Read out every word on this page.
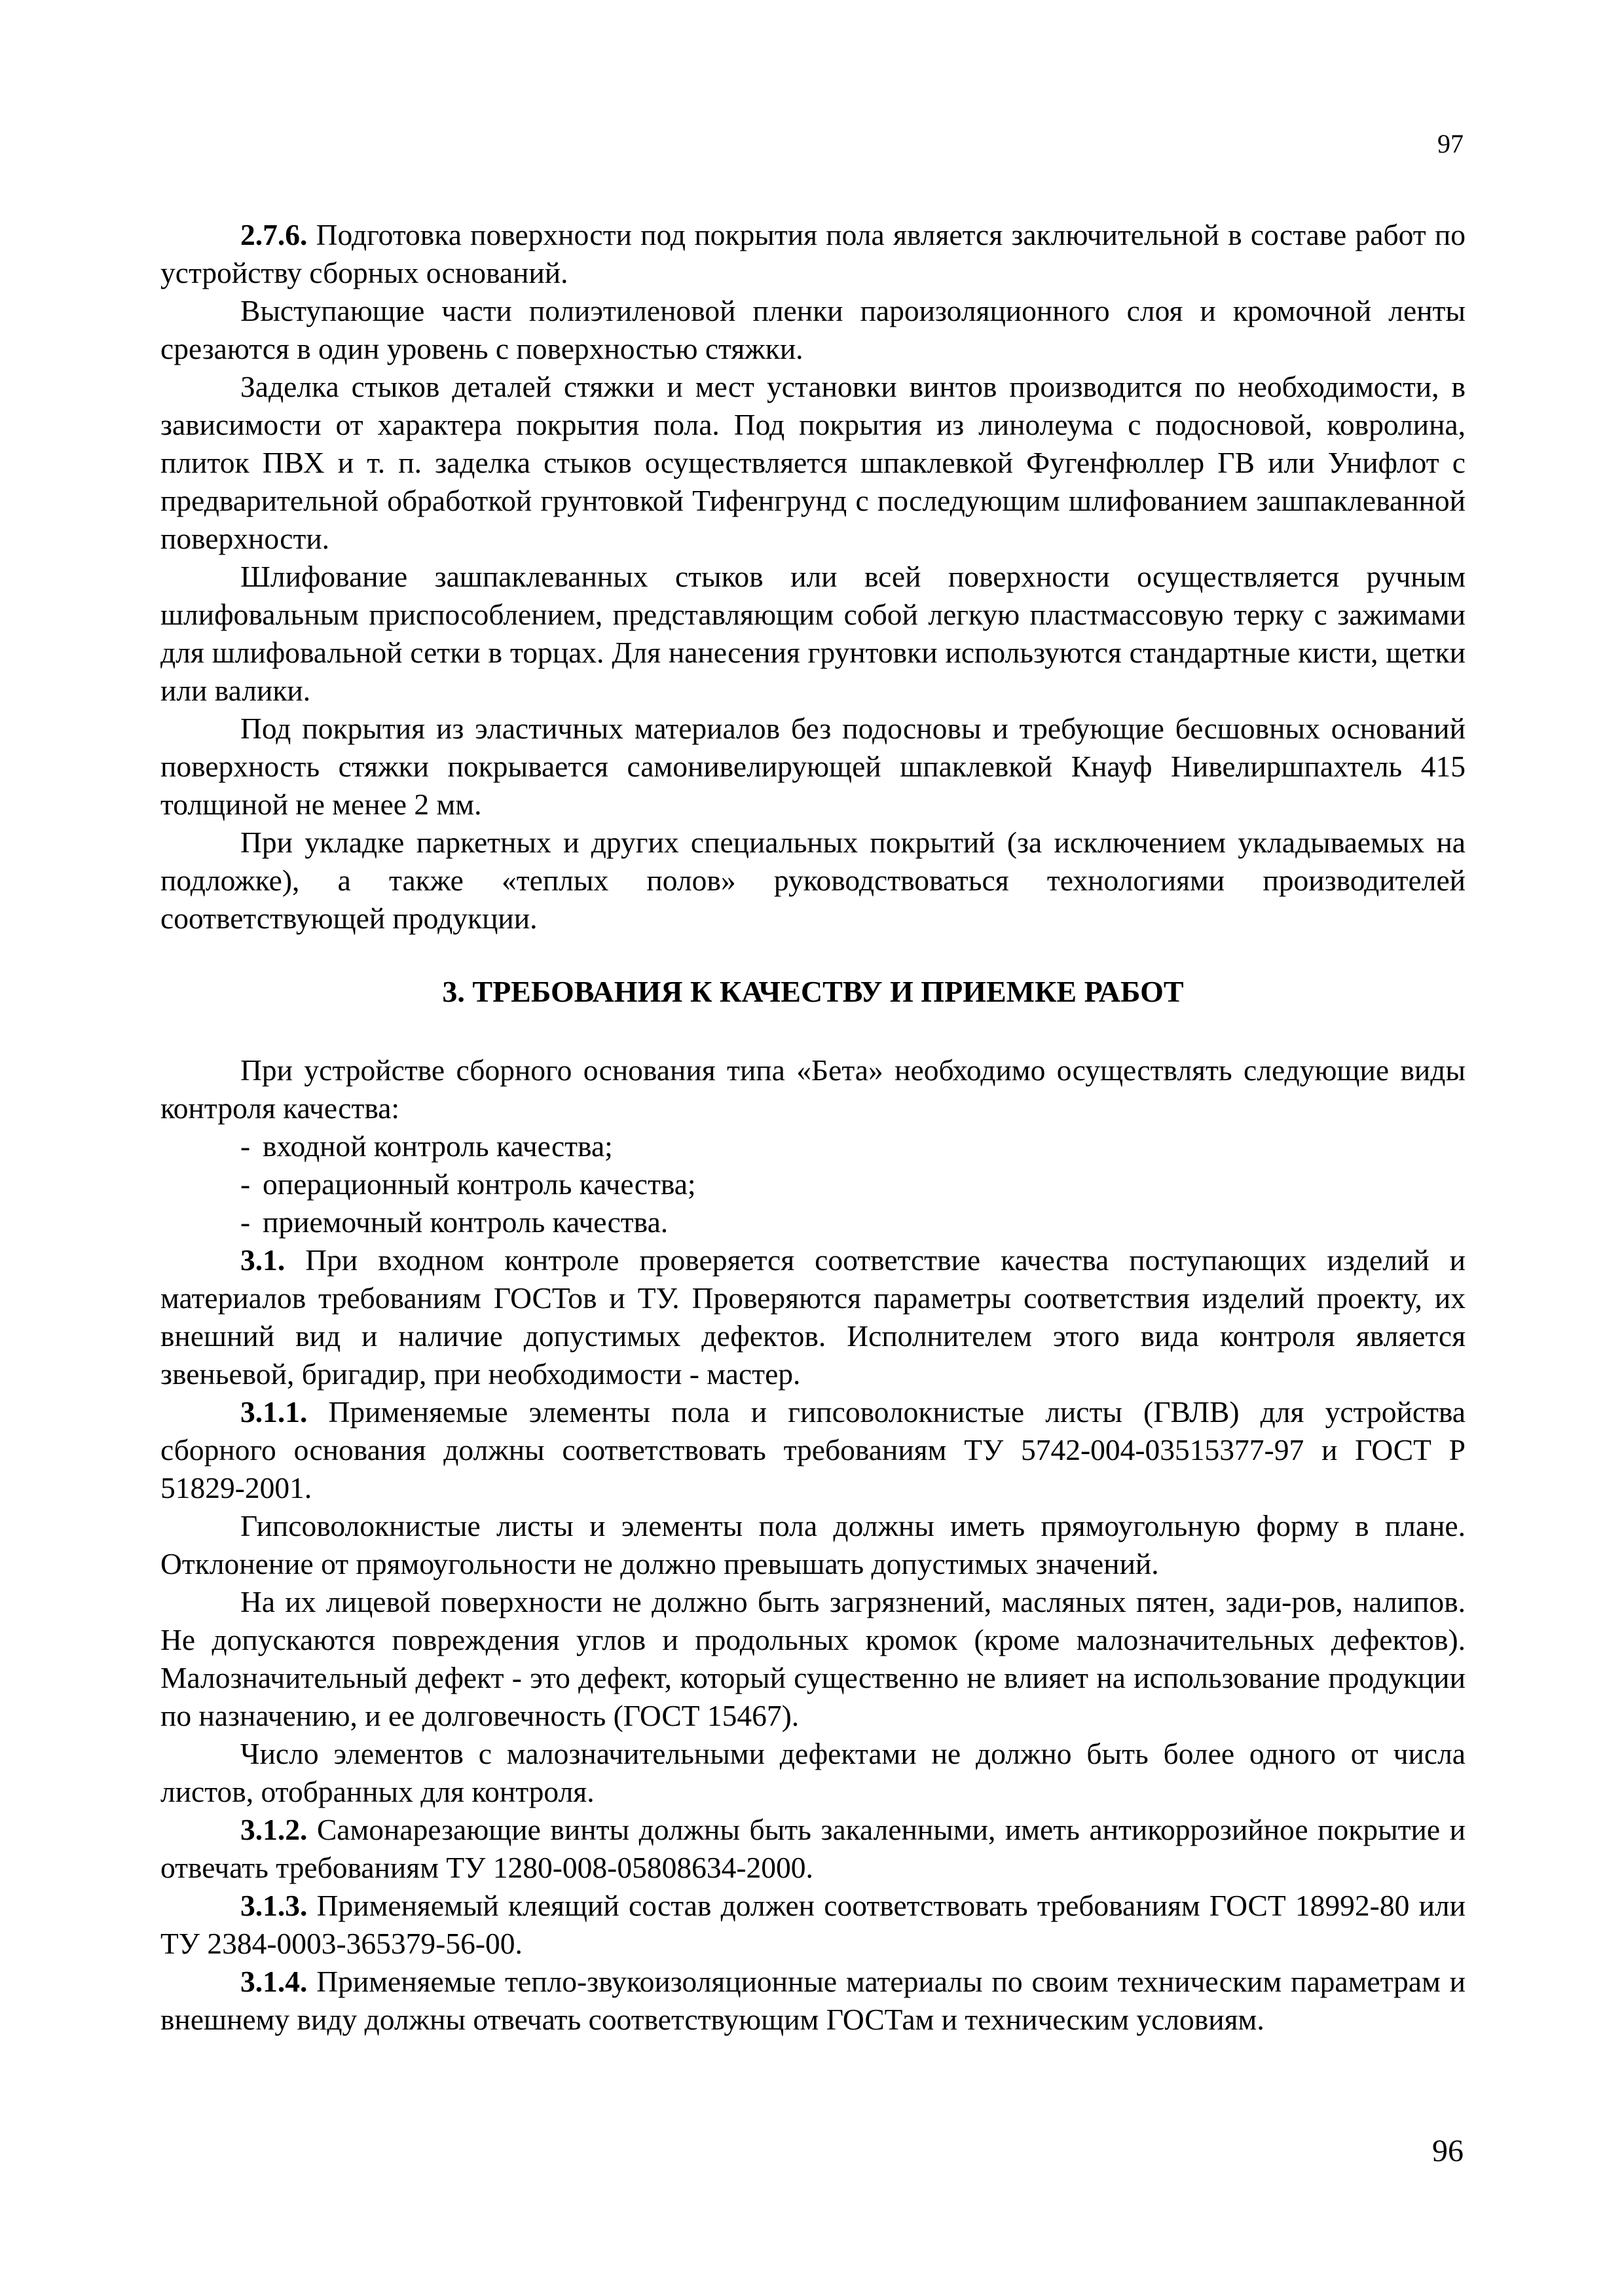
97

2.7.6. Подготовка поверхности под покрытия пола является заключительной в составе работ по устройству сборных оснований.

Выступающие части полиэтиленовой пленки пароизоляционного слоя и кромочной ленты срезаются в один уровень с поверхностью стяжки.

Заделка стыков деталей стяжки и мест установки винтов производится по необходимости, в зависимости от характера покрытия пола. Под покрытия из линолеума с подосновой, ковролина, плиток ПВХ и т. п. заделка стыков осуществляется шпаклевкой Фугенфюллер ГВ или Унифлот с предварительной обработкой грунтовкой Тифенгрунд с последующим шлифованием зашпаклеванной поверхности.

Шлифование зашпаклеванных стыков или всей поверхности осуществляется ручным шлифовальным приспособлением, представляющим собой легкую пластмассовую терку с зажимами для шлифовальной сетки в торцах. Для нанесения грунтовки используются стандартные кисти, щетки или валики.

Под покрытия из эластичных материалов без подосновы и требующие бесшовных оснований поверхность стяжки покрывается самонивелирующей шпаклевкой Кнауф Нивелиршпахтель 415 толщиной не менее 2 мм.

При укладке паркетных и других специальных покрытий (за исключением укладываемых на подложке), а также «теплых полов» руководствоваться технологиями производителей соответствующей продукции.

3. ТРЕБОВАНИЯ К КАЧЕСТВУ И ПРИЕМКЕ РАБОТ

При устройстве сборного основания типа «Бета» необходимо осуществлять следующие виды контроля качества:

- входной контроль качества;
- операционный контроль качества;
- приемочный контроль качества.

3.1. При входном контроле проверяется соответствие качества поступающих изделий и материалов требованиям ГОСТов и ТУ. Проверяются параметры соответствия изделий проекту, их внешний вид и наличие допустимых дефектов. Исполнителем этого вида контроля является звеньевой, бригадир, при необходимости - мастер.

3.1.1. Применяемые элементы пола и гипсоволокнистые листы (ГВЛВ) для устройства сборного основания должны соответствовать требованиям ТУ 5742-004-03515377-97 и ГОСТ Р 51829-2001.

Гипсоволокнистые листы и элементы пола должны иметь прямоугольную форму в плане. Отклонение от прямоугольности не должно превышать допустимых значений.

На их лицевой поверхности не должно быть загрязнений, масляных пятен, зади-ров, налипов. Не допускаются повреждения углов и продольных кромок (кроме малозначительных дефектов). Малозначительный дефект - это дефект, который существенно не влияет на использование продукции по назначению, и ее долговечность (ГОСТ 15467).

Число элементов с малозначительными дефектами не должно быть более одного от числа листов, отобранных для контроля.

3.1.2. Самонарезающие винты должны быть закаленными, иметь антикоррозийное покрытие и отвечать требованиям ТУ 1280-008-05808634-2000.

3.1.3. Применяемый клеящий состав должен соответствовать требованиям ГОСТ 18992-80 или ТУ 2384-0003-365379-56-00.

3.1.4. Применяемые тепло-звукоизоляционные материалы по своим техническим параметрам и внешнему виду должны отвечать соответствующим ГОСТам и техническим условиям.

96
